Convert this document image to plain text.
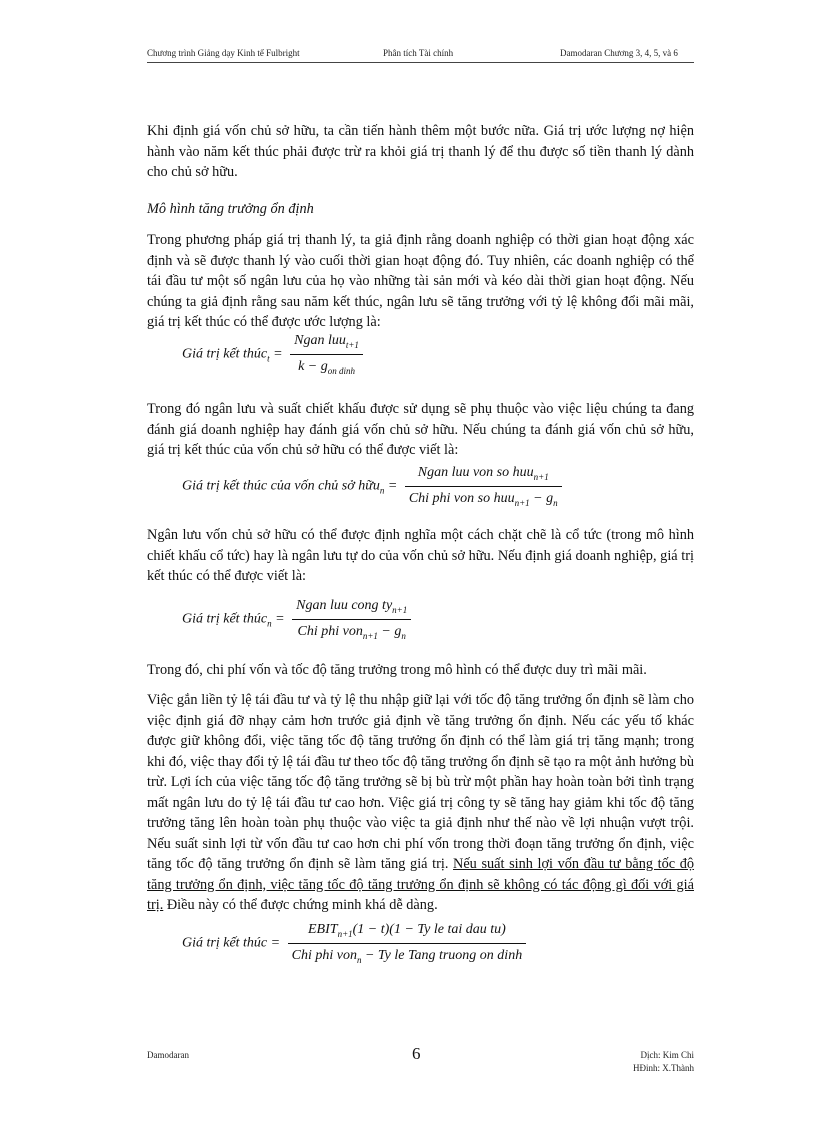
Chương trình Giảng dạy Kinh tế Fulbright	Phân tích Tài chính	Damodaran Chương 3, 4, 5, và 6

Khi định giá vốn chủ sở hữu, ta cần tiến hành thêm một bước nữa. Giá trị ước lượng nợ hiện hành vào năm kết thúc phải được trừ ra khỏi giá trị thanh lý để thu được số tiền thanh lý dành cho chủ sở hữu.

Mô hình tăng trưởng ổn định

Trong phương pháp giá trị thanh lý, ta giả định rằng doanh nghiệp có thời gian hoạt động xác định và sẽ được thanh lý vào cuối thời gian hoạt động đó. Tuy nhiên, các doanh nghiệp có thể tái đầu tư một số ngân lưu của họ vào những tài sản mới và kéo dài thời gian hoạt động. Nếu chúng ta giả định rằng sau năm kết thúc, ngân lưu sẽ tăng trưởng với tỷ lệ không đổi mãi mãi, giá trị kết thúc có thể được ước lượng là:

Giá trị kết thúc$_t$ = $\frac{Ngan luu_{t+1}}{k - g_{on dinh}}$

Trong đó ngân lưu và suất chiết khấu được sử dụng sẽ phụ thuộc vào việc liệu chúng ta đang đánh giá doanh nghiệp hay đánh giá vốn chủ sở hữu. Nếu chúng ta đánh giá vốn chủ sở hữu, giá trị kết thúc của vốn chủ sở hữu có thể được viết là:

Giá trị kết thúc của vốn chủ sở hữu$_n$ = $\frac{Ngan luu von so huu_{n+1}}{Chi phi von so huu_{n+1} - g_n}$

Ngân lưu vốn chủ sở hữu có thể được định nghĩa một cách chặt chẽ là cổ tức (trong mô hình chiết khấu cổ tức) hay là ngân lưu tự do của vốn chủ sở hữu. Nếu định giá doanh nghiệp, giá trị kết thúc có thể được viết là:

Giá trị kết thúc$_n$ = $\frac{Ngan luu cong ty_{n+1}}{Chi phi von_{n+1} - g_n}$

Trong đó, chi phí vốn và tốc độ tăng trưởng trong mô hình có thể được duy trì mãi mãi.

Việc gắn liền tỷ lệ tái đầu tư và tỷ lệ thu nhập giữ lại với tốc độ tăng trưởng ổn định sẽ làm cho việc định giá đỡ nhạy cảm hơn trước giả định về tăng trưởng ổn định. Nếu các yếu tố khác được giữ không đổi, việc tăng tốc độ tăng trưởng ổn định có thể làm giá trị tăng mạnh; trong khi đó, việc thay đổi tỷ lệ tái đầu tư theo tốc độ tăng trưởng ổn định sẽ tạo ra một ảnh hưởng bù trừ. Lợi ích của việc tăng tốc độ tăng trưởng sẽ bị bù trừ một phần hay hoàn toàn bởi tình trạng mất ngân lưu do tỷ lệ tái đầu tư cao hơn. Việc giá trị công ty sẽ tăng hay giảm khi tốc độ tăng trưởng tăng lên hoàn toàn phụ thuộc vào việc ta giả định như thế nào về lợi nhuận vượt trội. Nếu suất sinh lợi từ vốn đầu tư cao hơn chi phí vốn trong thời đoạn tăng trưởng ổn định, việc tăng tốc độ tăng trưởng ổn định sẽ làm tăng giá trị. Nếu suất sinh lợi vốn đầu tư bằng tốc độ tăng trưởng ổn định, việc tăng tốc độ tăng trưởng ổn định sẽ không có tác động gì đối với giá trị. Điều này có thể được chứng minh khá dễ dàng.

Giá trị kết thúc = $\frac{EBIT_{n+1}(1 - t)(1 - Ty le tai dau tu)}{Chi phi von_n - Ty le Tang truong on dinh}$
Damodaran	6	Dịch: Kim Chi
HĐinh: X.Thành
